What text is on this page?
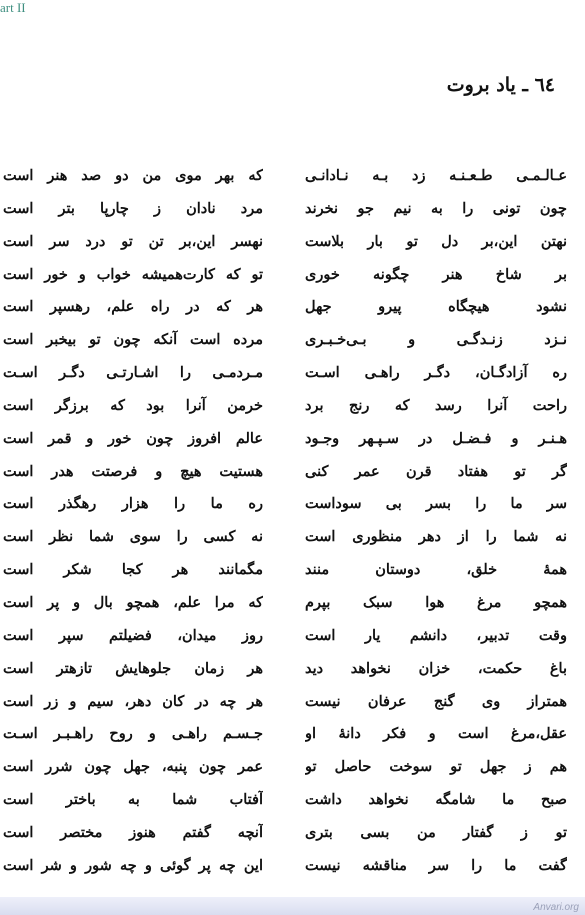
art II
٦٤ ـ یاد بروت
عـالـمـی طـعـنـه زد بـه نـادانـی
چون تونی را به نیم جو نخرند
نهتن این،بر دل تو بار بلاست
بر شاخ هنر چگونه خوری
نشود هیچگاه پیرو جهل
نـزد زنـدگـی و بـی‌خـبـری
ره آزادگـان، دگـر راهـی اسـت
راحت آنرا رسد که رنج برد
هـنـر و فـضـل در سـپـهر وجـود
گر تو هفتاد قرن عمر کنی
سر ما را بسر بی سوداست
نه شما را از دهر منظوری است
همهٔ خلق، دوستان منند
همچو مرغ هوا سبک بپرم
وقت تدبیر، دانشم یار است
باغ حکمت، خزان نخواهد دید
همتراز وی گنج عرفان نیست
عقل،مرغ است و فکر دانهٔ او
هم ز جهل تو سوخت حاصل تو
صبح ما شامگه نخواهد داشت
تو ز گفتار من بسی بتری
گفت ما را سر مناقشه نیست
که بهر موی من دو صد هنر است
مرد نادان ز چارپا بتر است
نهسر این،بر تن تو درد سر است
تو که کارت‌همیشه خواب و خور است
هر که در راه علم، رهسپر است
مرده است آنکه چون تو بیخبر است
مـردمـی را اشـارتـی دگـر اسـت
خرمن آنرا بود که برزگر است
عالم افروز چون خور و قمر است
هستیت هیچ و فرصتت هدر است
ره ما را هزار رهگذر است
نه کسی را سوی شما نظر است
مگمانند هر کجا شکر است
که مرا علم، همچو بال و پر است
روز میدان، فضیلتم سپر است
هر زمان جلوهایش تازهتر است
هر چه در کان دهر، سیم و زر است
جـسـم راهـی و روح راهـبـر اسـت
عمر چون پنبه، جهل چون شرر است
آفتاب شما به باختر است
آنچه گفتم هنوز مختصر است
این چه پر گوئی و چه شور و شر است
Anvari.org
